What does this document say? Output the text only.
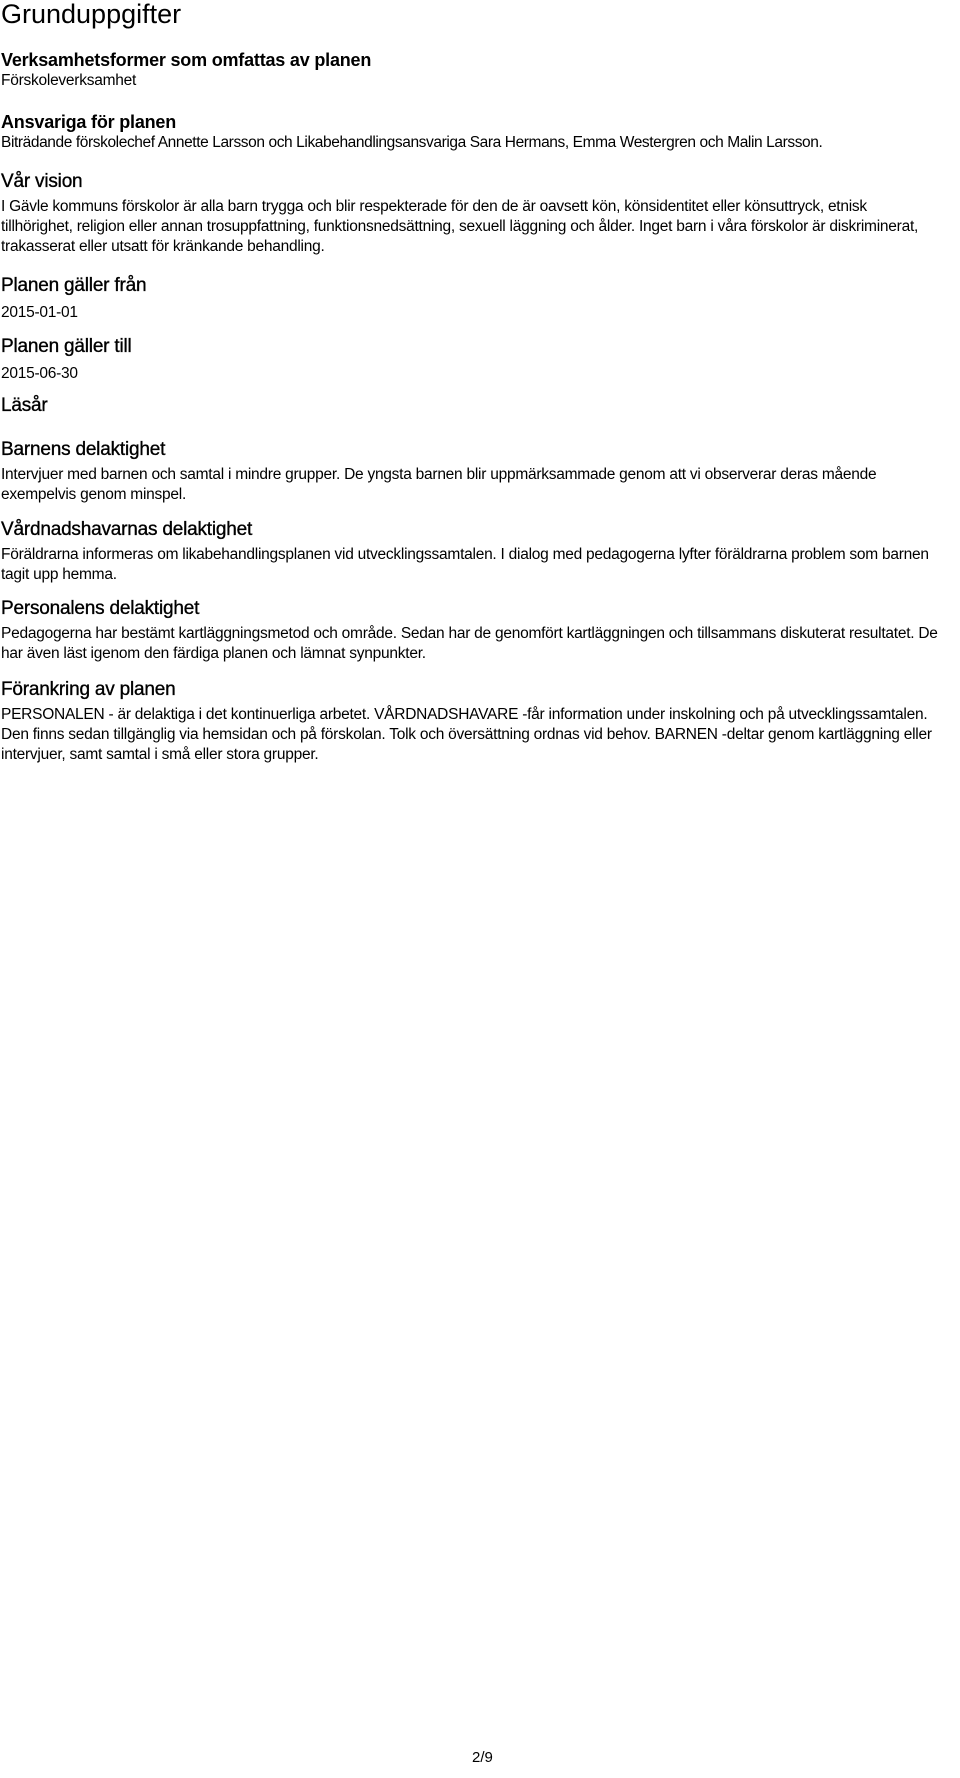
Grunduppgifter
Verksamhetsformer som omfattas av planen

Förskoleverksamhet

Ansvariga för planen

Biträdande förskolechef Annette Larsson och Likabehandlingsansvariga Sara Hermans, Emma Westergren och Malin Larsson.

Vår vision

I Gävle kommuns förskolor är alla barn trygga och blir respekterade för den de är oavsett kön, könsidentitet eller könsuttryck, etnisk tillhörighet, religion eller annan trosuppfattning, funktionsnedsättning, sexuell läggning och ålder. Inget barn i våra förskolor är diskriminerat, trakasserat eller utsatt för kränkande behandling.

Planen gäller från

2015-01-01

Planen gäller till

2015-06-30

Läsår
Barnens delaktighet

Intervjuer med barnen och samtal i mindre grupper. De yngsta barnen blir uppmärksammade genom att vi observerar deras mående exempelvis genom minspel.

Vårdnadshavarnas delaktighet

Föräldrarna informeras om likabehandlingsplanen vid utvecklingssamtalen. I dialog med pedagogerna lyfter föräldrarna problem som barnen tagit upp hemma.

Personalens delaktighet

Pedagogerna har bestämt kartläggningsmetod och område. Sedan har de genomfört kartläggningen och tillsammans diskuterat resultatet. De har även läst igenom den färdiga planen och lämnat synpunkter.

Förankring av planen

PERSONALEN - är delaktiga i det kontinuerliga arbetet. VÅRDNADSHAVARE -får information under inskolning och på utvecklingssamtalen. Den finns sedan tillgänglig via hemsidan och på förskolan. Tolk och översättning ordnas vid behov. BARNEN -deltar genom kartläggning eller intervjuer, samt samtal i små eller stora grupper.

2/9
